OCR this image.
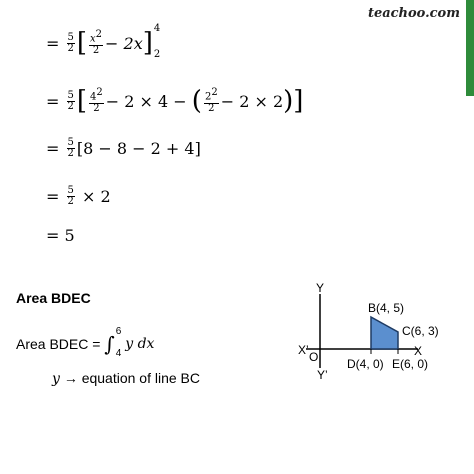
teachoo.com
=
$\frac{5}{2}$ [ $\frac{x2}{2}$ −
2x ] 4
2
=
$\frac{5}{2}$ [ $\frac{42}{2} - 2 \times 4$ −
( $\frac{22}{2} - 2 \times 2$ ) ]
=
$\frac{5}{2} [8 - 8 - 2 + 4]$
=
$\frac{5}{2}$
× 2
=
5
Area BDEC
Area BDEC =
∫
6
4

y dx
y → equation of line BC
Y
Y’
X
X’ O
B(4, 5)
C(6, 3)
D(4, 0) E(6, 0)
